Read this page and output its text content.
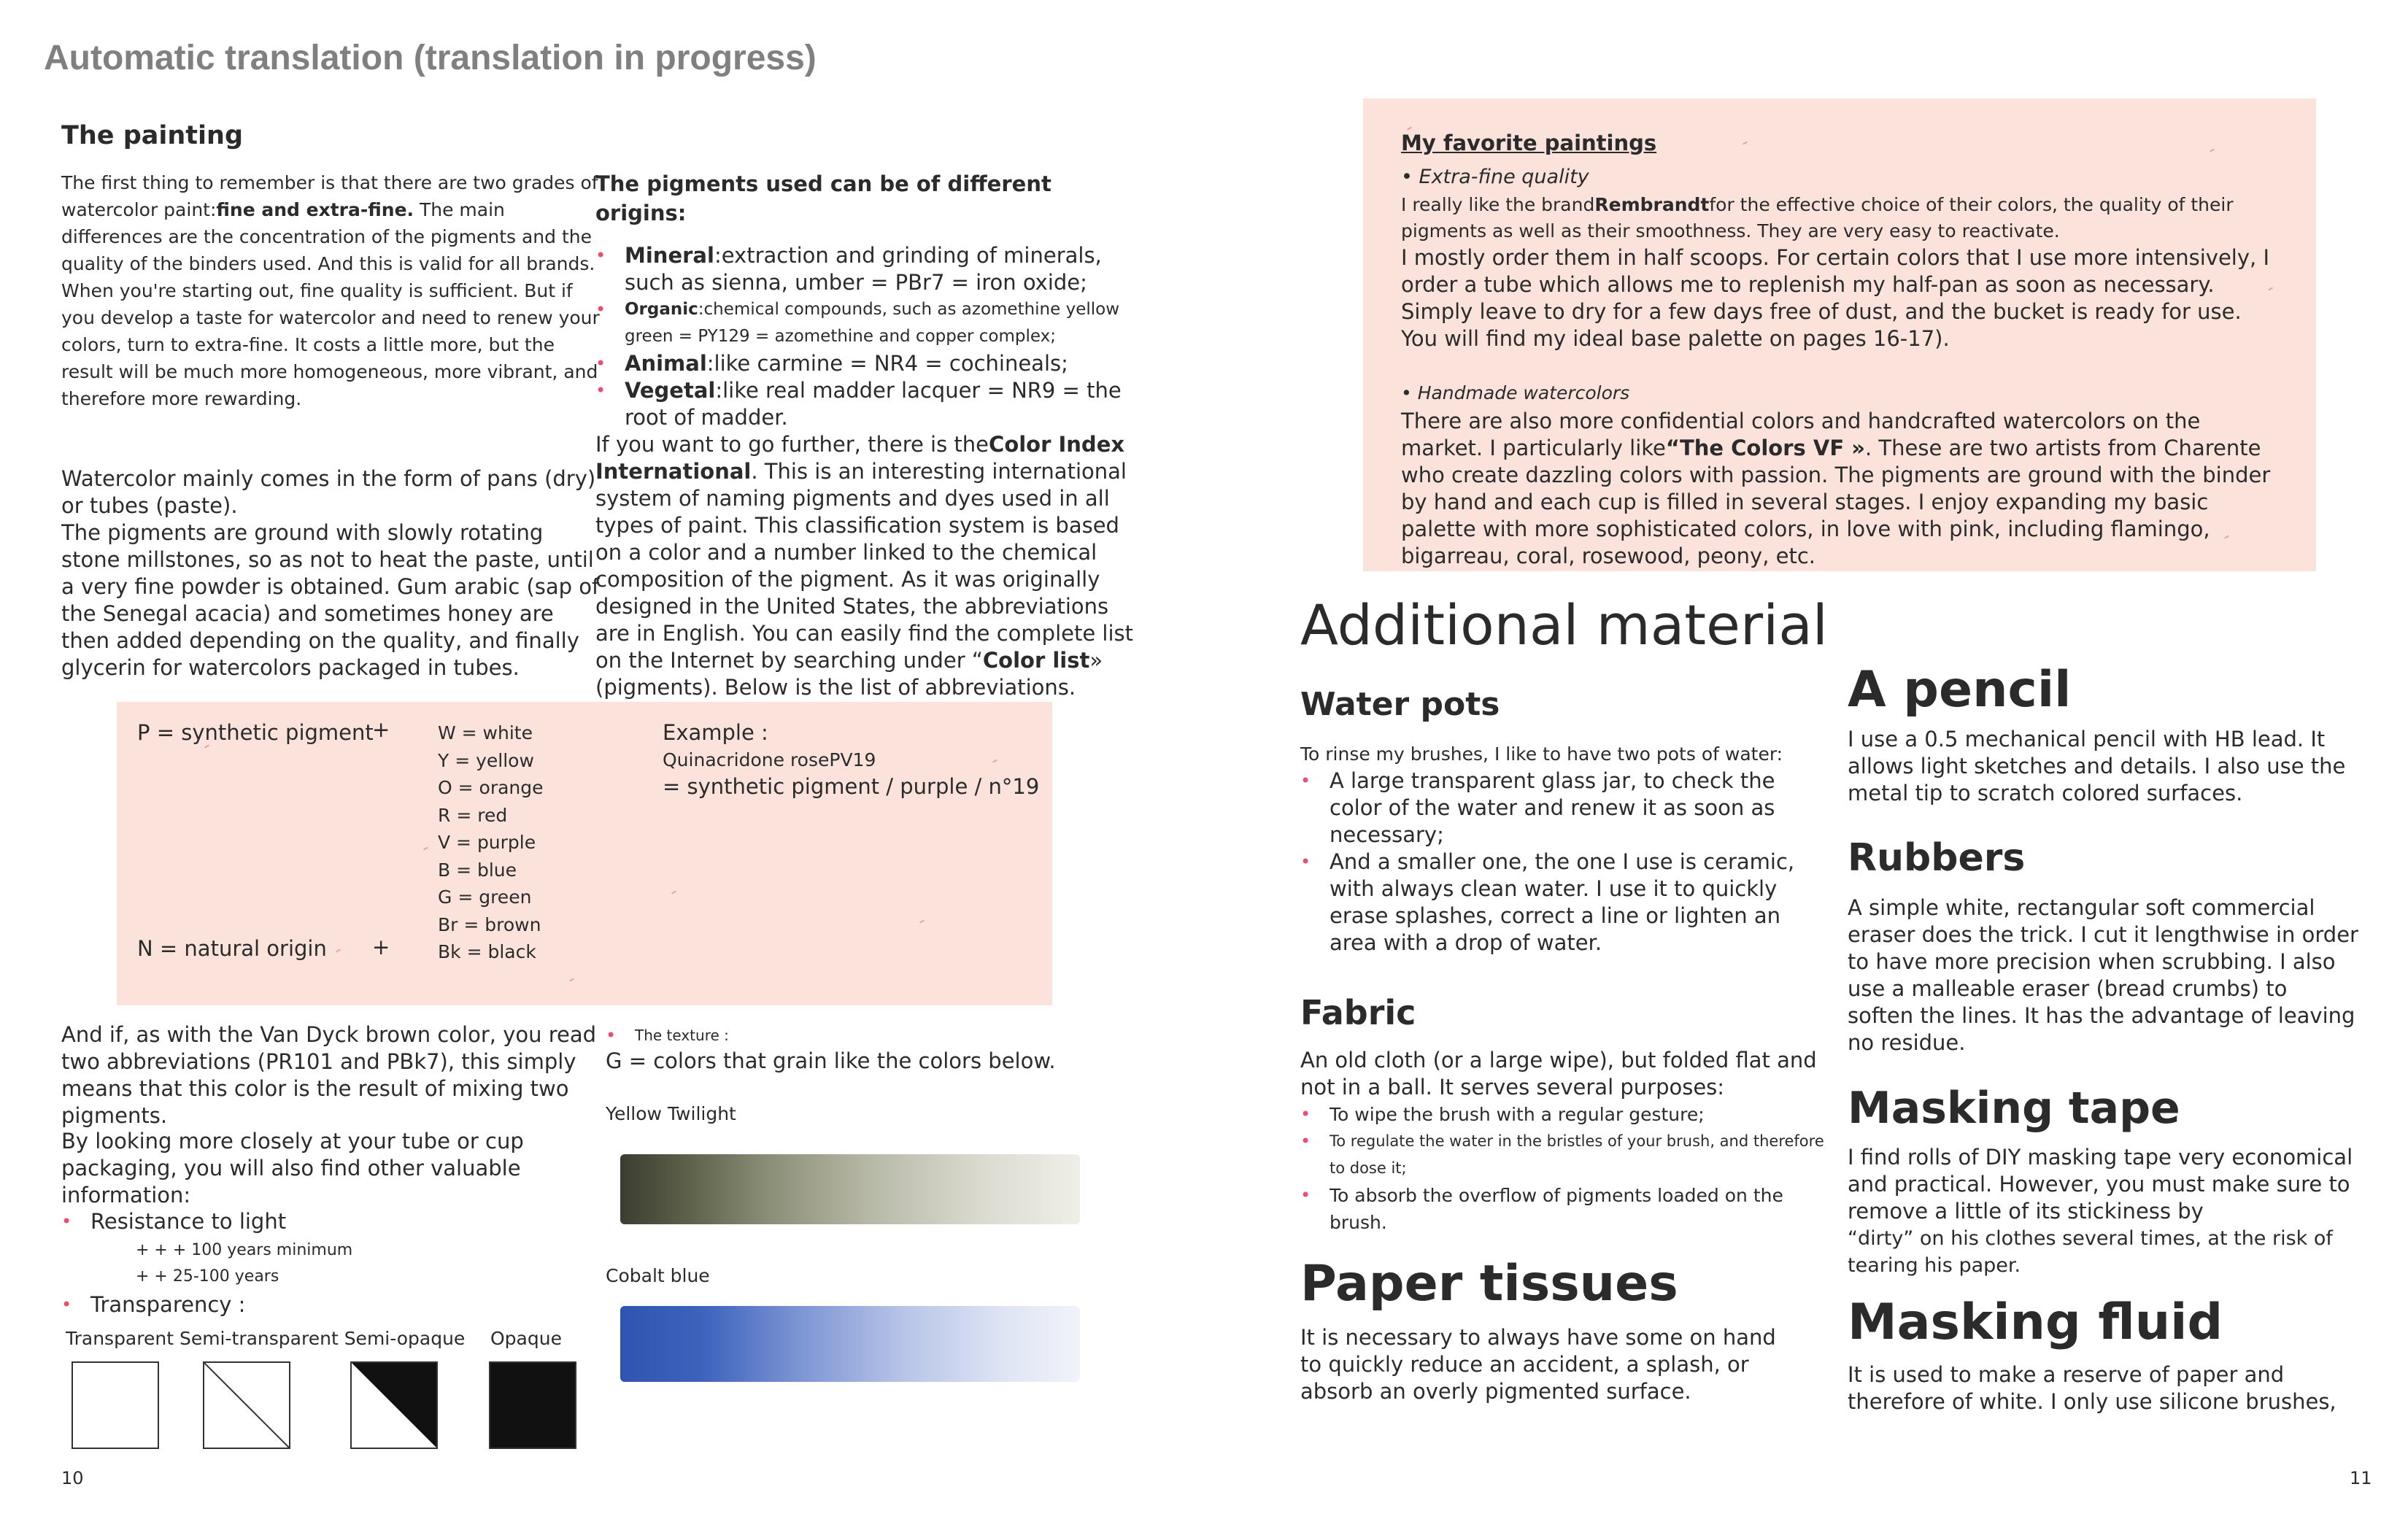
Automatic translation (translation in progress)
The painting
The first thing to remember is that there are two grades of watercolor paint:fine and extra-fine. The main differences are the concentration of the pigments and the quality of the binders used. And this is valid for all brands. When you're starting out, fine quality is sufficient. But if you develop a taste for watercolor and need to renew your colors, turn to extra-fine. It costs a little more, but the result will be much more homogeneous, more vibrant, and therefore more rewarding.
Watercolor mainly comes in the form of pans (dry) or tubes (paste).
The pigments are ground with slowly rotating stone millstones, so as not to heat the paste, until a very fine powder is obtained. Gum arabic (sap of the Senegal acacia) and sometimes honey are then added depending on the quality, and finally glycerin for watercolors packaged in tubes.
The pigments used can be of different origins:
• Mineral:extraction and grinding of minerals, such as sienna, umber = PBr7 = iron oxide;
• Organic:chemical compounds, such as azomethine yellow green = PY129 = azomethine and copper complex;
• Animal:like carmine = NR4 = cochineals;
• Vegetal:like real madder lacquer = NR9 = the root of madder.
If you want to go further, there is theColor Index International. This is an interesting international system of naming pigments and dyes used in all types of paint. This classification system is based on a color and a number linked to the chemical composition of the pigment. As it was originally designed in the United States, the abbreviations are in English. You can easily find the complete list on the Internet by searching under “Color list» (pigments). Below is the list of abbreviations.
P = synthetic pigment
+
N = natural origin +
W = white
Y = yellow
O = orange
R = red
V = purple
B = blue
G = green
Br = brown
Bk = black
Example :
Quinacridone rosePV19
= synthetic pigment / purple / n°19
And if, as with the Van Dyck brown color, you read two abbreviations (PR101 and PBk7), this simply means that this color is the result of mixing two pigments.
By looking more closely at your tube or cup packaging, you will also find other valuable information:
• Resistance to light
+ + + 100 years minimum
+ + 25-100 years
• Transparency :
Transparent Semi-transparent Semi-opaque Opaque
• The texture :
G = colors that grain like the colors below.
Yellow Twilight
Cobalt blue
10
My favorite paintings
• Extra-fine quality
I really like the brandRembrandtfor the effective choice of their colors, the quality of their pigments as well as their smoothness. They are very easy to reactivate.
I mostly order them in half scoops. For certain colors that I use more intensively, I order a tube which allows me to replenish my half-pan as soon as necessary. Simply leave to dry for a few days free of dust, and the bucket is ready for use. You will find my ideal base palette on pages 16-17).
• Handmade watercolors
There are also more confidential colors and handcrafted watercolors on the market. I particularly like“The Colors VF ». These are two artists from Charente who create dazzling colors with passion. The pigments are ground with the binder by hand and each cup is filled in several stages. I enjoy expanding my basic palette with more sophisticated colors, in love with pink, including flamingo, bigarreau, coral, rosewood, peony, etc.
Additional material
Water pots
To rinse my brushes, I like to have two pots of water:
• A large transparent glass jar, to check the color of the water and renew it as soon as necessary;
• And a smaller one, the one I use is ceramic, with always clean water. I use it to quickly erase splashes, correct a line or lighten an area with a drop of water.
Fabric
An old cloth (or a large wipe), but folded flat and not in a ball. It serves several purposes:
• To wipe the brush with a regular gesture;
• To regulate the water in the bristles of your brush, and therefore to dose it;
• To absorb the overflow of pigments loaded on the brush.
Paper tissues
It is necessary to always have some on hand to quickly reduce an accident, a splash, or absorb an overly pigmented surface.
A pencil
I use a 0.5 mechanical pencil with HB lead. It allows light sketches and details. I also use the metal tip to scratch colored surfaces.
Rubbers
A simple white, rectangular soft commercial eraser does the trick. I cut it lengthwise in order to have more precision when scrubbing. I also use a malleable eraser (bread crumbs) to soften the lines. It has the advantage of leaving no residue.
Masking tape
I find rolls of DIY masking tape very economical and practical. However, you must make sure to remove a little of its stickiness by
“dirty” on his clothes several times, at the risk of tearing his paper.
Masking fluid
It is used to make a reserve of paper and therefore of white. I only use silicone brushes,
11
